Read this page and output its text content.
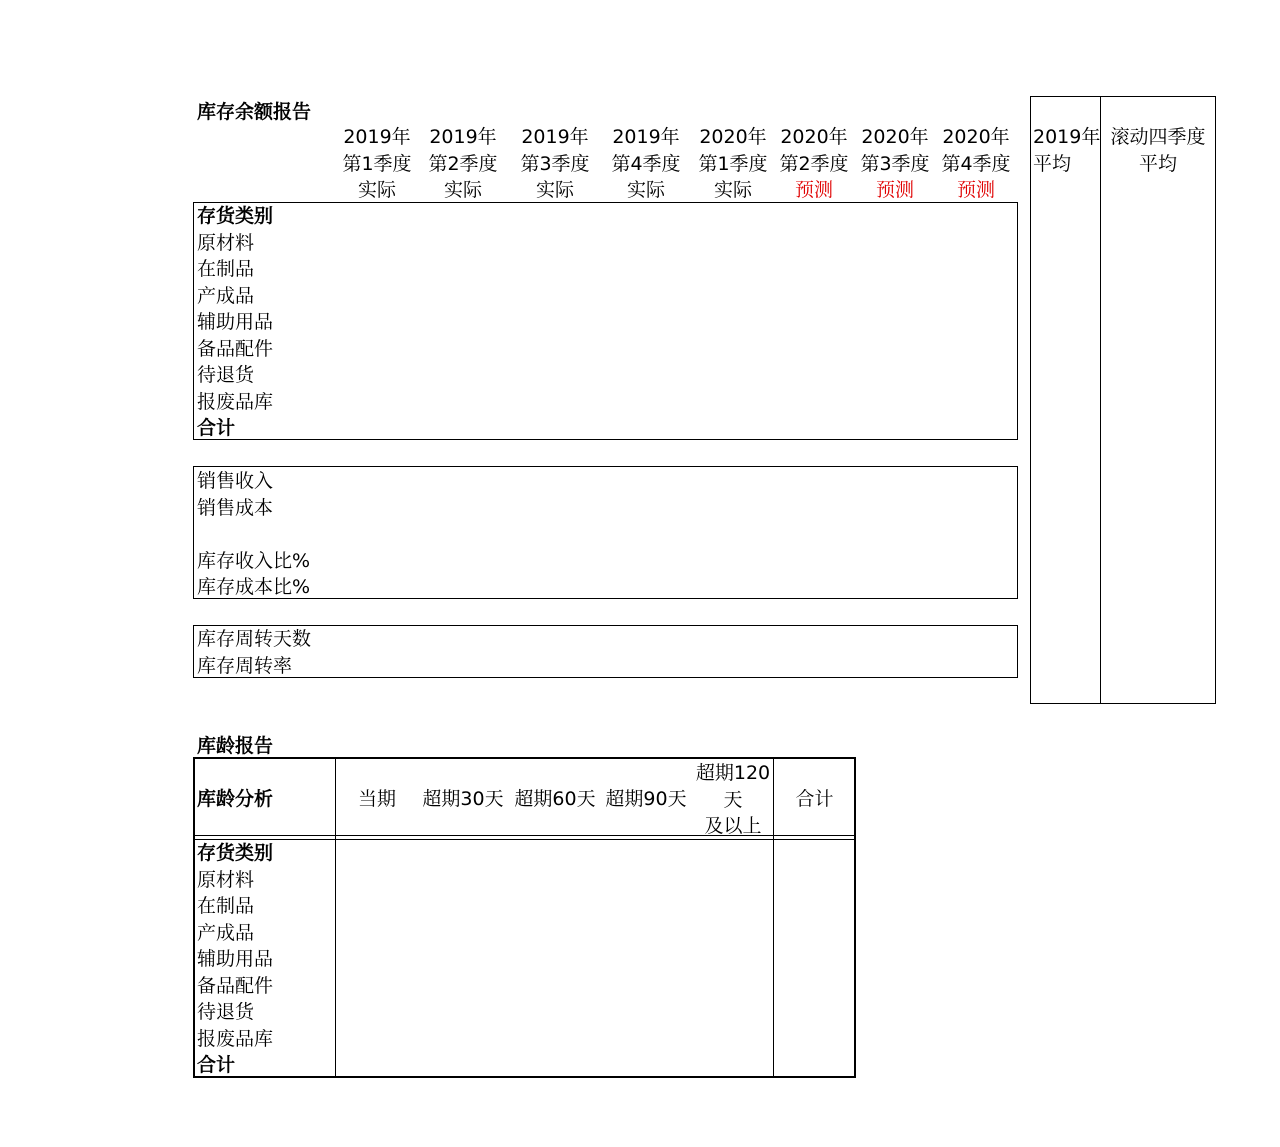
库存余额报告
2019年
第1季度
实际
2019年
第2季度
实际
2019年
第3季度
实际
2019年
第4季度
实际
2020年
第1季度
实际
2020年
第2季度
预测
2020年
第3季度
预测
2020年
第4季度
预测
2019年
平均
滚动四季度
平均
存货类别
原材料
在制品
产成品
辅助用品
备品配件
待退货
报废品库
合计
销售收入
销售成本
库存收入比%
库存成本比%
库存周转天数
库存周转率
库龄报告
库龄分析	当期	超期30天 超期60天 超期90天
超期120
天
及以上
合计
存货类别
原材料
在制品
产成品
辅助用品
备品配件
待退货
报废品库
合计
